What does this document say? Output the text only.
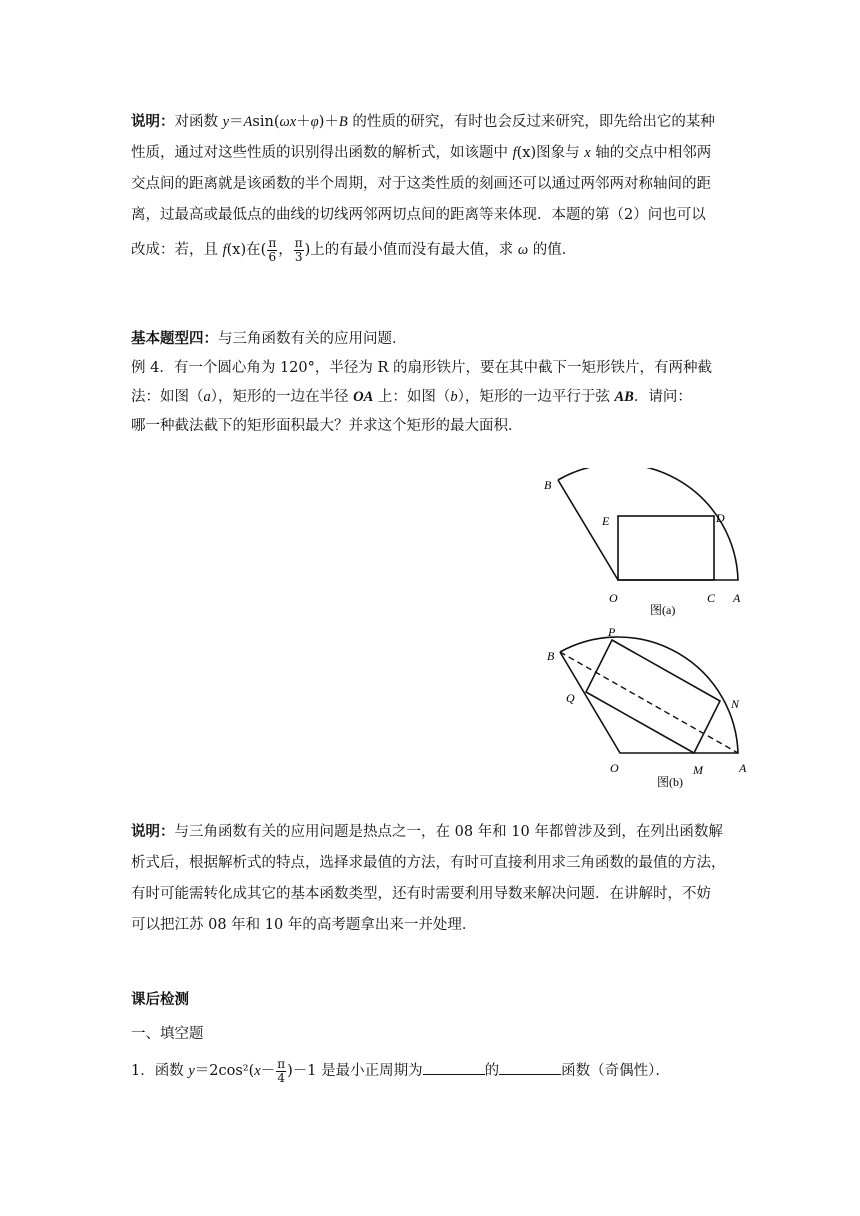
说明：对函数 y＝Asin(ωx＋φ)＋B 的性质的研究，有时也会反过来研究，即先给出它的某种

性质，通过对这些性质的识别得出函数的解析式，如该题中 f(x)图象与 x 轴的交点中相邻两

交点间的距离就是该函数的半个周期，对于这类性质的刻画还可以通过两邻两对称轴间的距

离，过最高或最低点的曲线的切线两邻两切点间的距离等来体现．本题的第（2）问也可以

改成：若，且 f(x)在( $\frac{\pi}{6}$ ， $\frac{\pi}{3}$ )上的有最小值而没有最大值，求 ω 的值．

基本题型四：与三角函数有关的应用问题．

例 4．有一个圆心角为 120°，半径为 R 的扇形铁片，要在其中截下一矩形铁片，有两种截

法：如图（a），矩形的一边在半径 OA 上：如图（b），矩形的一边平行于弦 AB．请问：

哪一种截法截下的矩形面积最大？并求这个矩形的最大面积．

B
E	D
O	C A
图(a)
P
B
Q	N
O	M	A
图(b)

说明：与三角函数有关的应用问题是热点之一，在 08 年和 10 年都曾涉及到，在列出函数解

析式后，根据解析式的特点，选择求最值的方法，有时可直接利用求三角函数的最值的方法，

有时可能需转化成其它的基本函数类型，还有时需要利用导数来解决问题．在讲解时，不妨

可以把江苏 08 年和 10 年的高考题拿出来一并处理．

课后检测
一、填空题

1．函数 $y=2\cos^2(x- \frac{\pi}{4} )-1$ 是最小正周期为	的	函数（奇偶性）．
